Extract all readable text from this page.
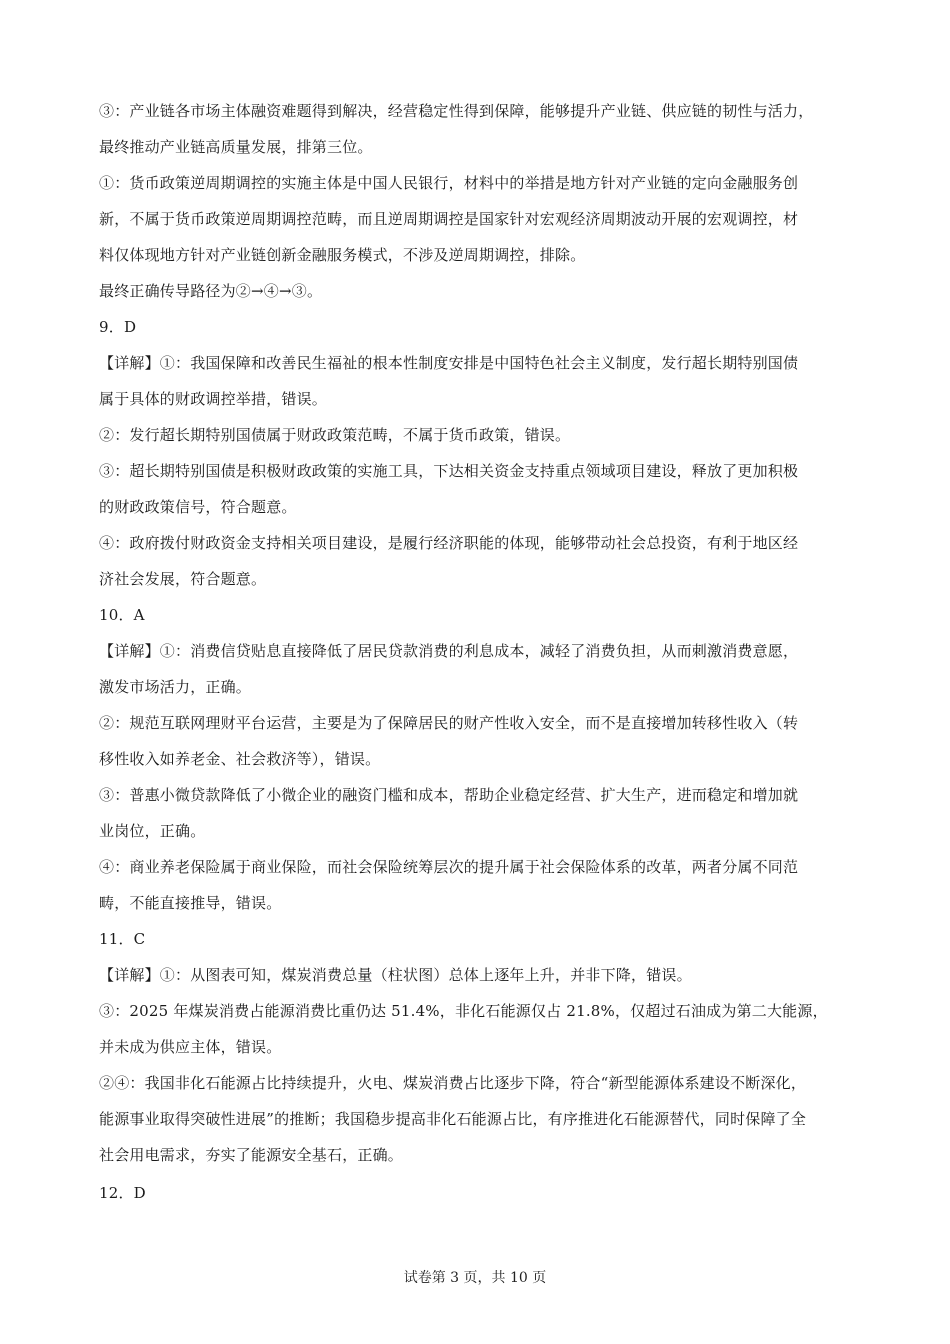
③：产业链各市场主体融资难题得到解决，经营稳定性得到保障，能够提升产业链、供应链的韧性与活力，
最终推动产业链高质量发展，排第三位。
①：货币政策逆周期调控的实施主体是中国人民银行，材料中的举措是地方针对产业链的定向金融服务创
新，不属于货币政策逆周期调控范畴，而且逆周期调控是国家针对宏观经济周期波动开展的宏观调控，材
料仅体现地方针对产业链创新金融服务模式，不涉及逆周期调控，排除。
最终正确传导路径为②→④→③。
9．D
【详解】①：我国保障和改善民生福祉的根本性制度安排是中国特色社会主义制度，发行超长期特别国债
属于具体的财政调控举措，错误。
②：发行超长期特别国债属于财政政策范畴，不属于货币政策，错误。
③：超长期特别国债是积极财政政策的实施工具，下达相关资金支持重点领域项目建设，释放了更加积极
的财政政策信号，符合题意。
④：政府拨付财政资金支持相关项目建设，是履行经济职能的体现，能够带动社会总投资，有利于地区经
济社会发展，符合题意。
10．A
【详解】①：消费信贷贴息直接降低了居民贷款消费的利息成本，减轻了消费负担，从而刺激消费意愿，
激发市场活力，正确。
②：规范互联网理财平台运营，主要是为了保障居民的财产性收入安全，而不是直接增加转移性收入（转
移性收入如养老金、社会救济等），错误。
③：普惠小微贷款降低了小微企业的融资门槛和成本，帮助企业稳定经营、扩大生产，进而稳定和增加就
业岗位，正确。
④：商业养老保险属于商业保险，而社会保险统筹层次的提升属于社会保险体系的改革，两者分属不同范
畴，不能直接推导，错误。
11．C
【详解】①：从图表可知，煤炭消费总量（柱状图）总体上逐年上升，并非下降，错误。
③：2025 年煤炭消费占能源消费比重仍达 51.4%，非化石能源仅占 21.8%，仅超过石油成为第二大能源，
并未成为供应主体，错误。
②④：我国非化石能源占比持续提升，火电、煤炭消费占比逐步下降，符合“新型能源体系建设不断深化，
能源事业取得突破性进展”的推断；我国稳步提高非化石能源占比，有序推进化石能源替代，同时保障了全
社会用电需求，夯实了能源安全基石，正确。
12．D
试卷第 3 页，共 10 页
